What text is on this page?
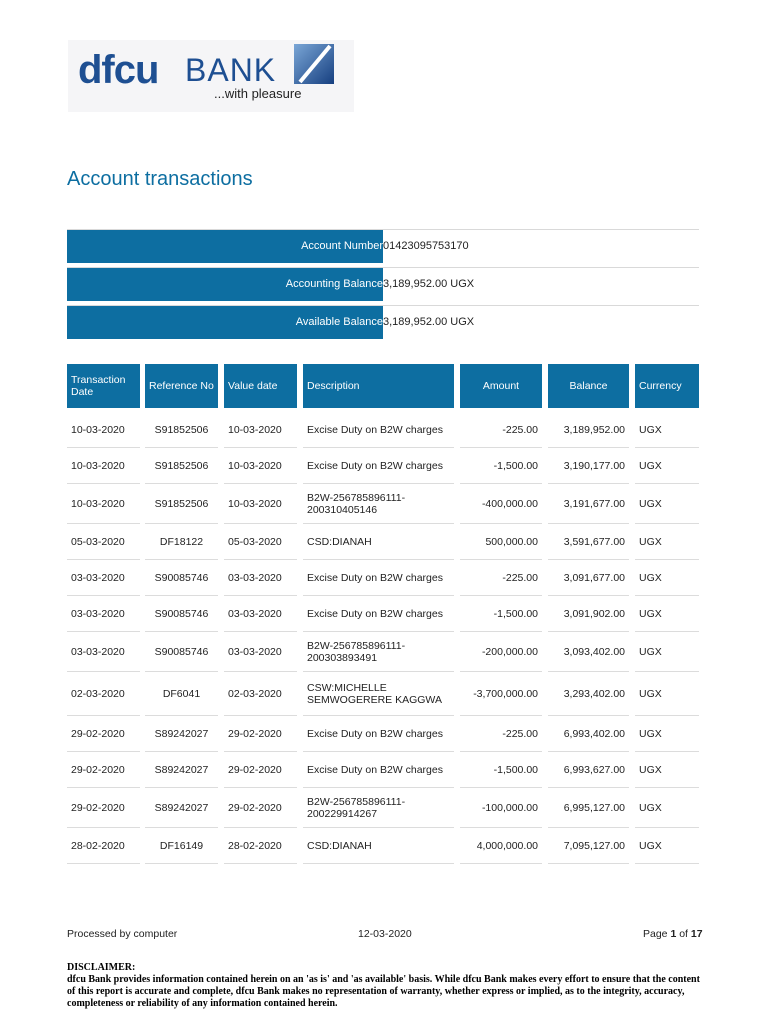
dfcu BANK
...with pleasure
Account transactions
Account Number 01423095753170
Accounting Balance 3,189,952.00 UGX
Available Balance 3,189,952.00 UGX
Transaction Date	Reference No	Value date	Description	Amount	Balance	Currency
10-03-2020	S91852506	10-03-2020	Excise Duty on B2W charges	-225.00	3,189,952.00	UGX
10-03-2020	S91852506	10-03-2020	Excise Duty on B2W charges	-1,500.00	3,190,177.00	UGX
10-03-2020	S91852506	10-03-2020	B2W-256785896111-200310405146	-400,000.00	3,191,677.00	UGX
05-03-2020	DF18122	05-03-2020	CSD:DIANAH	500,000.00	3,591,677.00	UGX
03-03-2020	S90085746	03-03-2020	Excise Duty on B2W charges	-225.00	3,091,677.00	UGX
03-03-2020	S90085746	03-03-2020	Excise Duty on B2W charges	-1,500.00	3,091,902.00	UGX
03-03-2020	S90085746	03-03-2020	B2W-256785896111-200303893491	-200,000.00	3,093,402.00	UGX
02-03-2020	DF6041	02-03-2020	CSW:MICHELLE SEMWOGERERE KAGGWA	-3,700,000.00	3,293,402.00	UGX
29-02-2020	S89242027	29-02-2020	Excise Duty on B2W charges	-225.00	6,993,402.00	UGX
29-02-2020	S89242027	29-02-2020	Excise Duty on B2W charges	-1,500.00	6,993,627.00	UGX
29-02-2020	S89242027	29-02-2020	B2W-256785896111-200229914267	-100,000.00	6,995,127.00	UGX
28-02-2020	DF16149	28-02-2020	CSD:DIANAH	4,000,000.00	7,095,127.00	UGX
Processed by computer	12-03-2020	Page 1 of 17
DISCLAIMER:
dfcu Bank provides information contained herein on an 'as is' and 'as available' basis. While dfcu Bank makes every effort to ensure that the content of this report is accurate and complete, dfcu Bank makes no representation of warranty, whether express or implied, as to the integrity, accuracy, completeness or reliability of any information contained herein.
